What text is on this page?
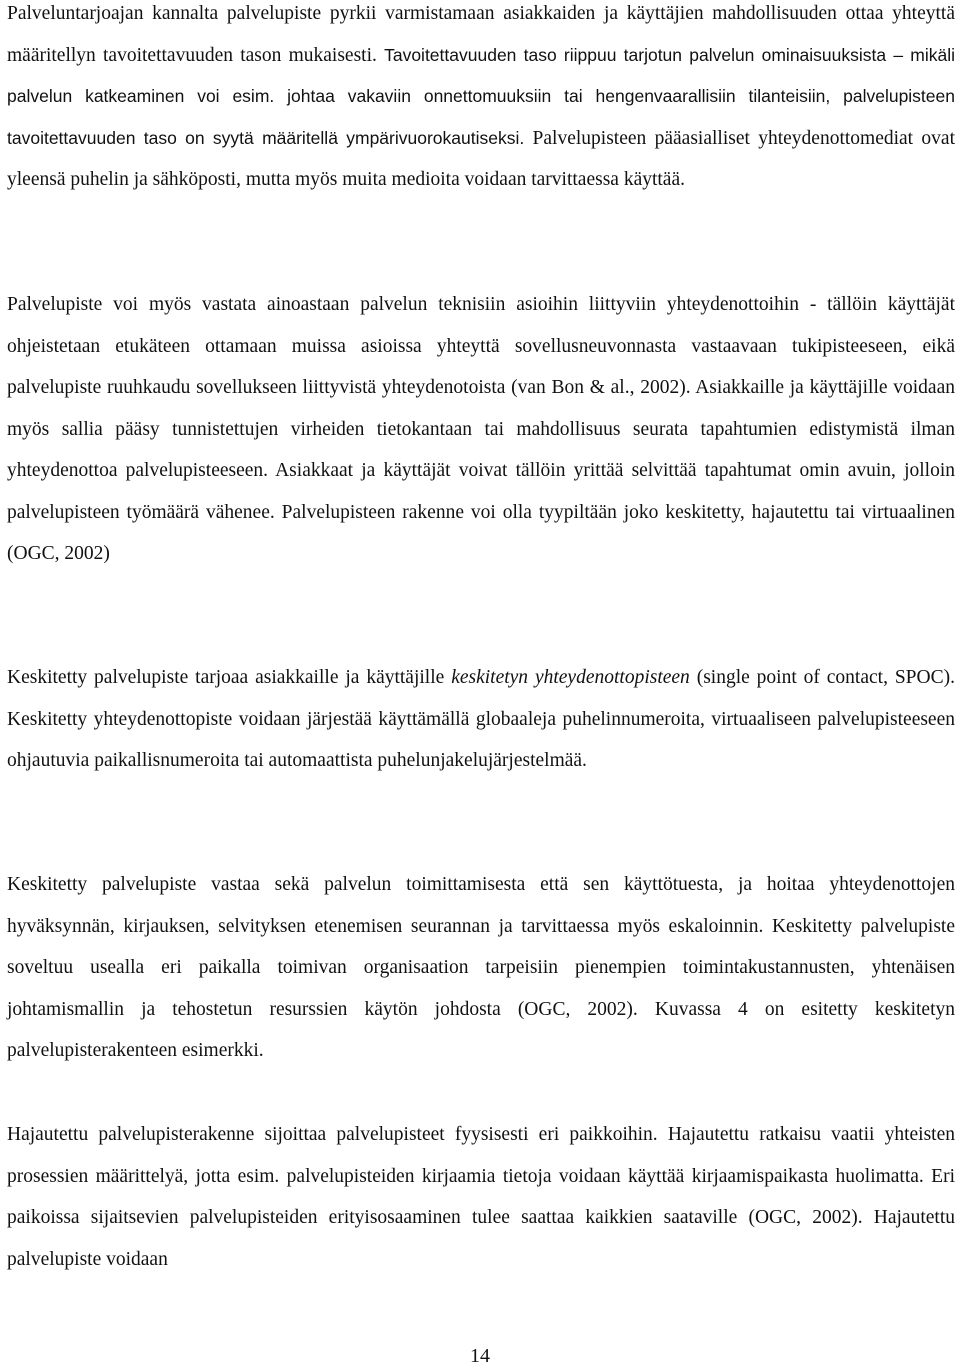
Palveluntarjoajan kannalta palvelupiste pyrkii varmistamaan asiakkaiden ja käyttäjien mahdollisuuden ottaa yhteyttä määritellyn tavoitettavuuden tason mukaisesti. Tavoitettavuuden taso riippuu tarjotun palvelun ominaisuuksista – mikäli palvelun katkeaminen voi esim. johtaa vakaviin onnettomuuksiin tai hengenvaarallisiin tilanteisiin, palvelupisteen tavoitettavuuden taso on syytä määritellä ympärivuorokautiseksi. Palvelupisteen pääasialliset yhteydenottomediat ovat yleensä puhelin ja sähköposti, mutta myös muita medioita voidaan tarvittaessa käyttää.

Palvelupiste voi myös vastata ainoastaan palvelun teknisiin asioihin liittyviin yhteydenottoihin - tällöin käyttäjät ohjeistetaan etukäteen ottamaan muissa asioissa yhteyttä sovellusneuvonnasta vastaavaan tukipisteeseen, eikä palvelupiste ruuhkaudu sovellukseen liittyvistä yhteydenotoista (van Bon & al., 2002). Asiakkaille ja käyttäjille voidaan myös sallia pääsy tunnistettujen virheiden tietokantaan tai mahdollisuus seurata tapahtumien edistymistä ilman yhteydenottoa palvelupisteeseen. Asiakkaat ja käyttäjät voivat tällöin yrittää selvittää tapahtumat omin avuin, jolloin palvelupisteen työmäärä vähenee. Palvelupisteen rakenne voi olla tyypiltään joko keskitetty, hajautettu tai virtuaalinen (OGC, 2002)

Keskitetty palvelupiste tarjoaa asiakkaille ja käyttäjille keskitetyn yhteydenottopisteen (single point of contact, SPOC). Keskitetty yhteydenottopiste voidaan järjestää käyttämällä globaaleja puhelinnumeroita, virtuaaliseen palvelupisteeseen ohjautuvia paikallisnumeroita tai automaattista puhelunjakelujärjestelmää.

Keskitetty palvelupiste vastaa sekä palvelun toimittamisesta että sen käyttötuesta, ja hoitaa yhteydenottojen hyväksynnän, kirjauksen, selvityksen etenemisen seurannan ja tarvittaessa myös eskaloinnin. Keskitetty palvelupiste soveltuu usealla eri paikalla toimivan organisaation tarpeisiin pienempien toimintakustannusten, yhtenäisen johtamismallin ja tehostetun resurssien käytön johdosta (OGC, 2002). Kuvassa 4 on esitetty keskitetyn palvelupisterakenteen esimerkki.

Hajautettu palvelupisterakenne sijoittaa palvelupisteet fyysisesti eri paikkoihin. Hajautettu ratkaisu vaatii yhteisten prosessien määrittelyä, jotta esim. palvelupisteiden kirjaamia tietoja voidaan käyttää kirjaamispaikasta huolimatta. Eri paikoissa sijaitsevien palvelupisteiden erityisosaaminen tulee saattaa kaikkien saataville (OGC, 2002). Hajautettu palvelupiste voidaan

14
